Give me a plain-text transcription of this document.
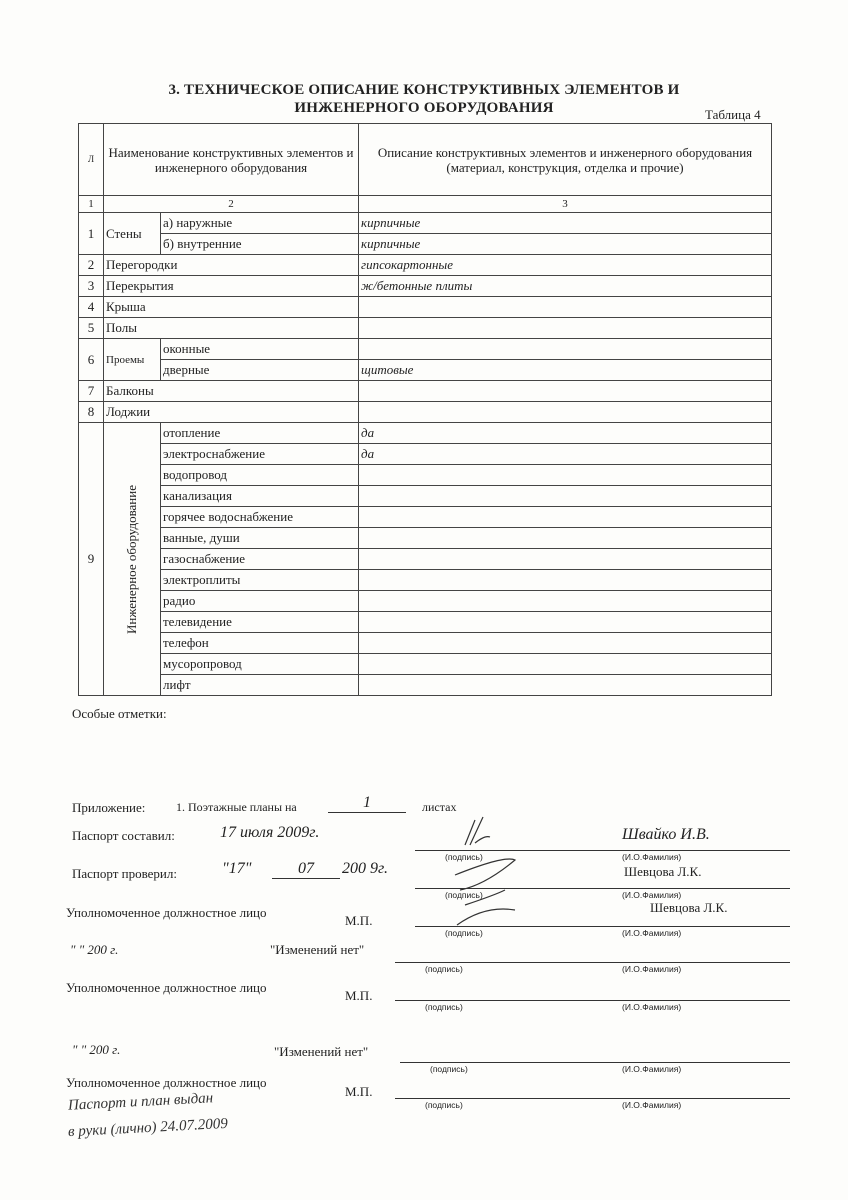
3. ТЕХНИЧЕСКОЕ ОПИСАНИЕ КОНСТРУКТИВНЫХ ЭЛЕМЕНТОВ И
ИНЖЕНЕРНОГО ОБОРУДОВАНИЯ	Таблица 4
Л	Наименование конструктивных элементов и инженерного оборудования		Описание конструктивных элементов и инженерного оборудования (материал, конструкция, отделка и прочие)
1	2		3
1	Стены	а) наружные	кирпичные
		б) внутренние	кирпичные
2	Перегородки		гипсокартонные
3	Перекрытия		ж/бетонные плиты
4	Крыша		
5	Полы		
6	Проемы	оконные	
		дверные	щитовые
7	Балконы		
8	Лоджии		
9	Инженерное оборудование	отопление	да
		электроснабжение	да
		водопровод	
		канализация	
		горячее водоснабжение	
		ванные, души	
		газоснабжение	
		электроплиты	
		радио	
		телевидение	
		телефон	
		мусоропровод	
		лифт	
Особые отметки:
Приложение:	1. Поэтажные планы на	1	листах
Паспорт составил:	17 июля 2009г.	Швайко И.В.
Паспорт проверил:	"17"	07	200 9г.	Шевцова Л.К.
Уполномоченное должностное лицо
М.П.
Шевцова Л.К.
" " 200 г.	"Изменений нет"
Уполномоченное должностное лицо
М.П.
" " 200 г.	"Изменений нет"
Уполномоченное должностное лицо
М.П.
Паспорт и план выдан
в руки (лично) 24.07.2009
(подпись)	(И.О.Фамилия)
(подпись)	(И.О.Фамилия)
(подпись)	(И.О.Фамилия)
(подпись)	(И.О.Фамилия)
(подпись)	(И.О.Фамилия)
(подпись)	(И.О.Фамилия)
(подпись)	(И.О.Фамилия)
